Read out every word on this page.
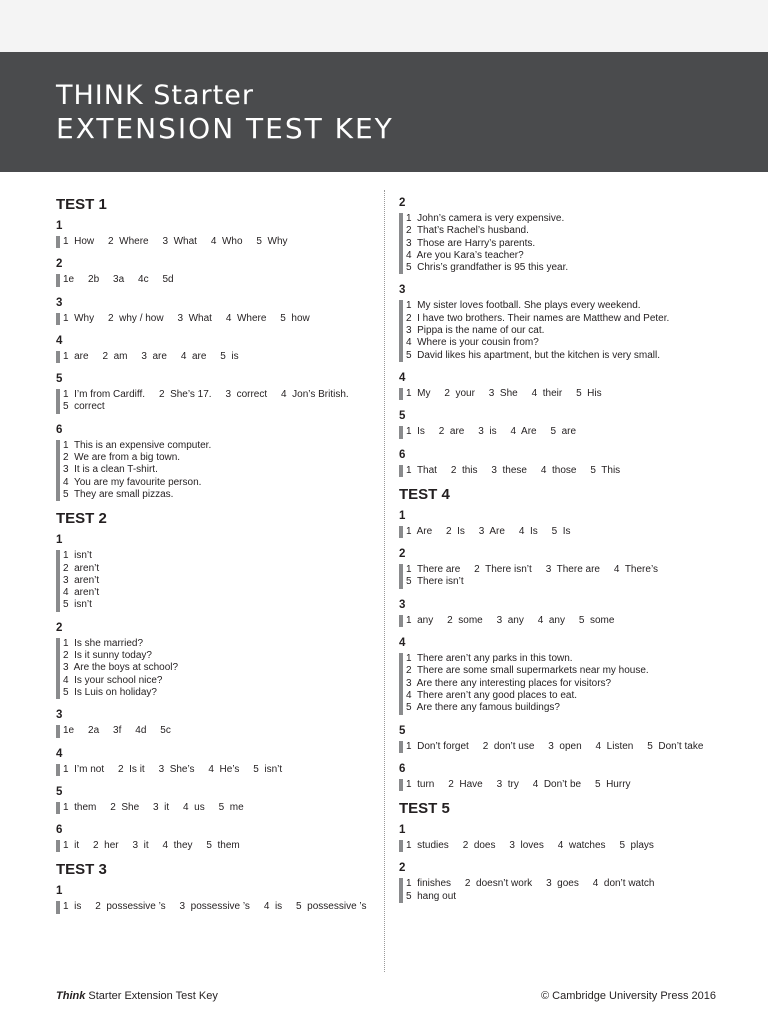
THINK Starter
EXTENSION TEST KEY
TEST 1
1
1  How     2  Where     3  What     4  Who     5  Why
2
1e     2b     3a     4c     5d
3
1  Why     2  why / how     3  What     4  Where     5  how
4
1  are     2  am     3  are     4  are     5  is
5
1  I’m from Cardiff.     2  She’s 17.     3  correct     4  Jon’s British.
5  correct
6
1  This is an expensive computer.
2  We are from a big town.
3  It is a clean T-shirt.
4  You are my favourite person.
5  They are small pizzas.
TEST 2
1
1  isn’t
2  aren’t
3  aren’t
4  aren’t
5  isn’t
2
1  Is she married?
2  Is it sunny today?
3  Are the boys at school?
4  Is your school nice?
5  Is Luis on holiday?
3
1e     2a     3f     4d     5c
4
1  I’m not     2  Is it     3  She’s     4  He’s     5  isn’t
5
1  them     2  She     3  it     4  us     5  me
6
1  it     2  her     3  it     4  they     5  them
TEST 3
1
1  is     2  possessive ’s     3  possessive ’s     4  is     5  possessive ’s
2
1  John’s camera is very expensive.
2  That’s Rachel’s husband.
3  Those are Harry’s parents.
4  Are you Kara’s teacher?
5  Chris’s grandfather is 95 this year.
3
1  My sister loves football. She plays every weekend.
2  I have two brothers. Their names are Matthew and Peter.
3  Pippa is the name of our cat.
4  Where is your cousin from?
5  David likes his apartment, but the kitchen is very small.
4
1  My     2  your     3  She     4  their     5  His
5
1  Is     2  are     3  is     4  Are     5  are
6
1  That     2  this     3  these     4  those     5  This
TEST 4
1
1  Are     2  Is     3  Are     4  Is     5  Is
2
1  There are     2  There isn’t     3  There are     4  There’s
5  There isn’t
3
1  any     2  some     3  any     4  any     5  some
4
1  There aren’t any parks in this town.
2  There are some small supermarkets near my house.
3  Are there any interesting places for visitors?
4  There aren’t any good places to eat.
5  Are there any famous buildings?
5
1  Don’t forget     2  don’t use     3  open     4  Listen     5  Don’t take
6
1  turn     2  Have     3  try     4  Don’t be     5  Hurry
TEST 5
1
1  studies     2  does     3  loves     4  watches     5  plays
2
1  finishes     2  doesn’t work     3  goes     4  don’t watch
5  hang out
Think Starter Extension Test Key	© Cambridge University Press 2016
